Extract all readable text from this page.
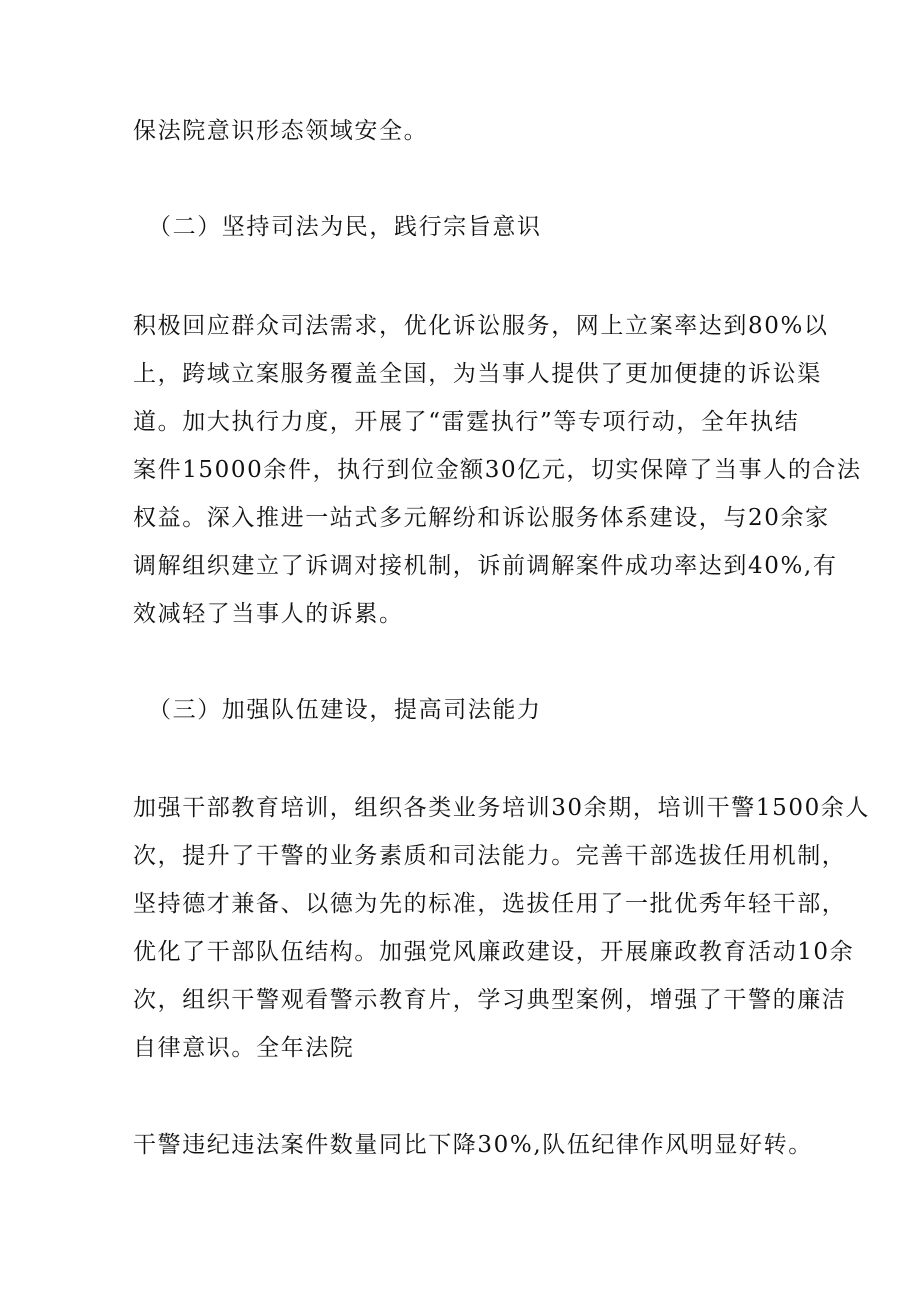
保法院意识形态领域安全。
（二）坚持司法为民，践行宗旨意识
积极回应群众司法需求，优化诉讼服务，网上立案率达到80%以
上，跨域立案服务覆盖全国，为当事人提供了更加便捷的诉讼渠
道。加大执行力度，开展了“雷霆执行”等专项行动，全年执结
案件15000余件，执行到位金额30亿元，切实保障了当事人的合法
权益。深入推进一站式多元解纷和诉讼服务体系建设，与20余家
调解组织建立了诉调对接机制，诉前调解案件成功率达到40%,有
效减轻了当事人的诉累。
（三）加强队伍建设，提高司法能力
加强干部教育培训，组织各类业务培训30余期，培训干警1500余人
次，提升了干警的业务素质和司法能力。完善干部选拔任用机制，
坚持德才兼备、以德为先的标准，选拔任用了一批优秀年轻干部，
优化了干部队伍结构。加强党风廉政建设，开展廉政教育活动10余
次，组织干警观看警示教育片，学习典型案例，增强了干警的廉洁
自律意识。全年法院
干警违纪违法案件数量同比下降30%,队伍纪律作风明显好转。
